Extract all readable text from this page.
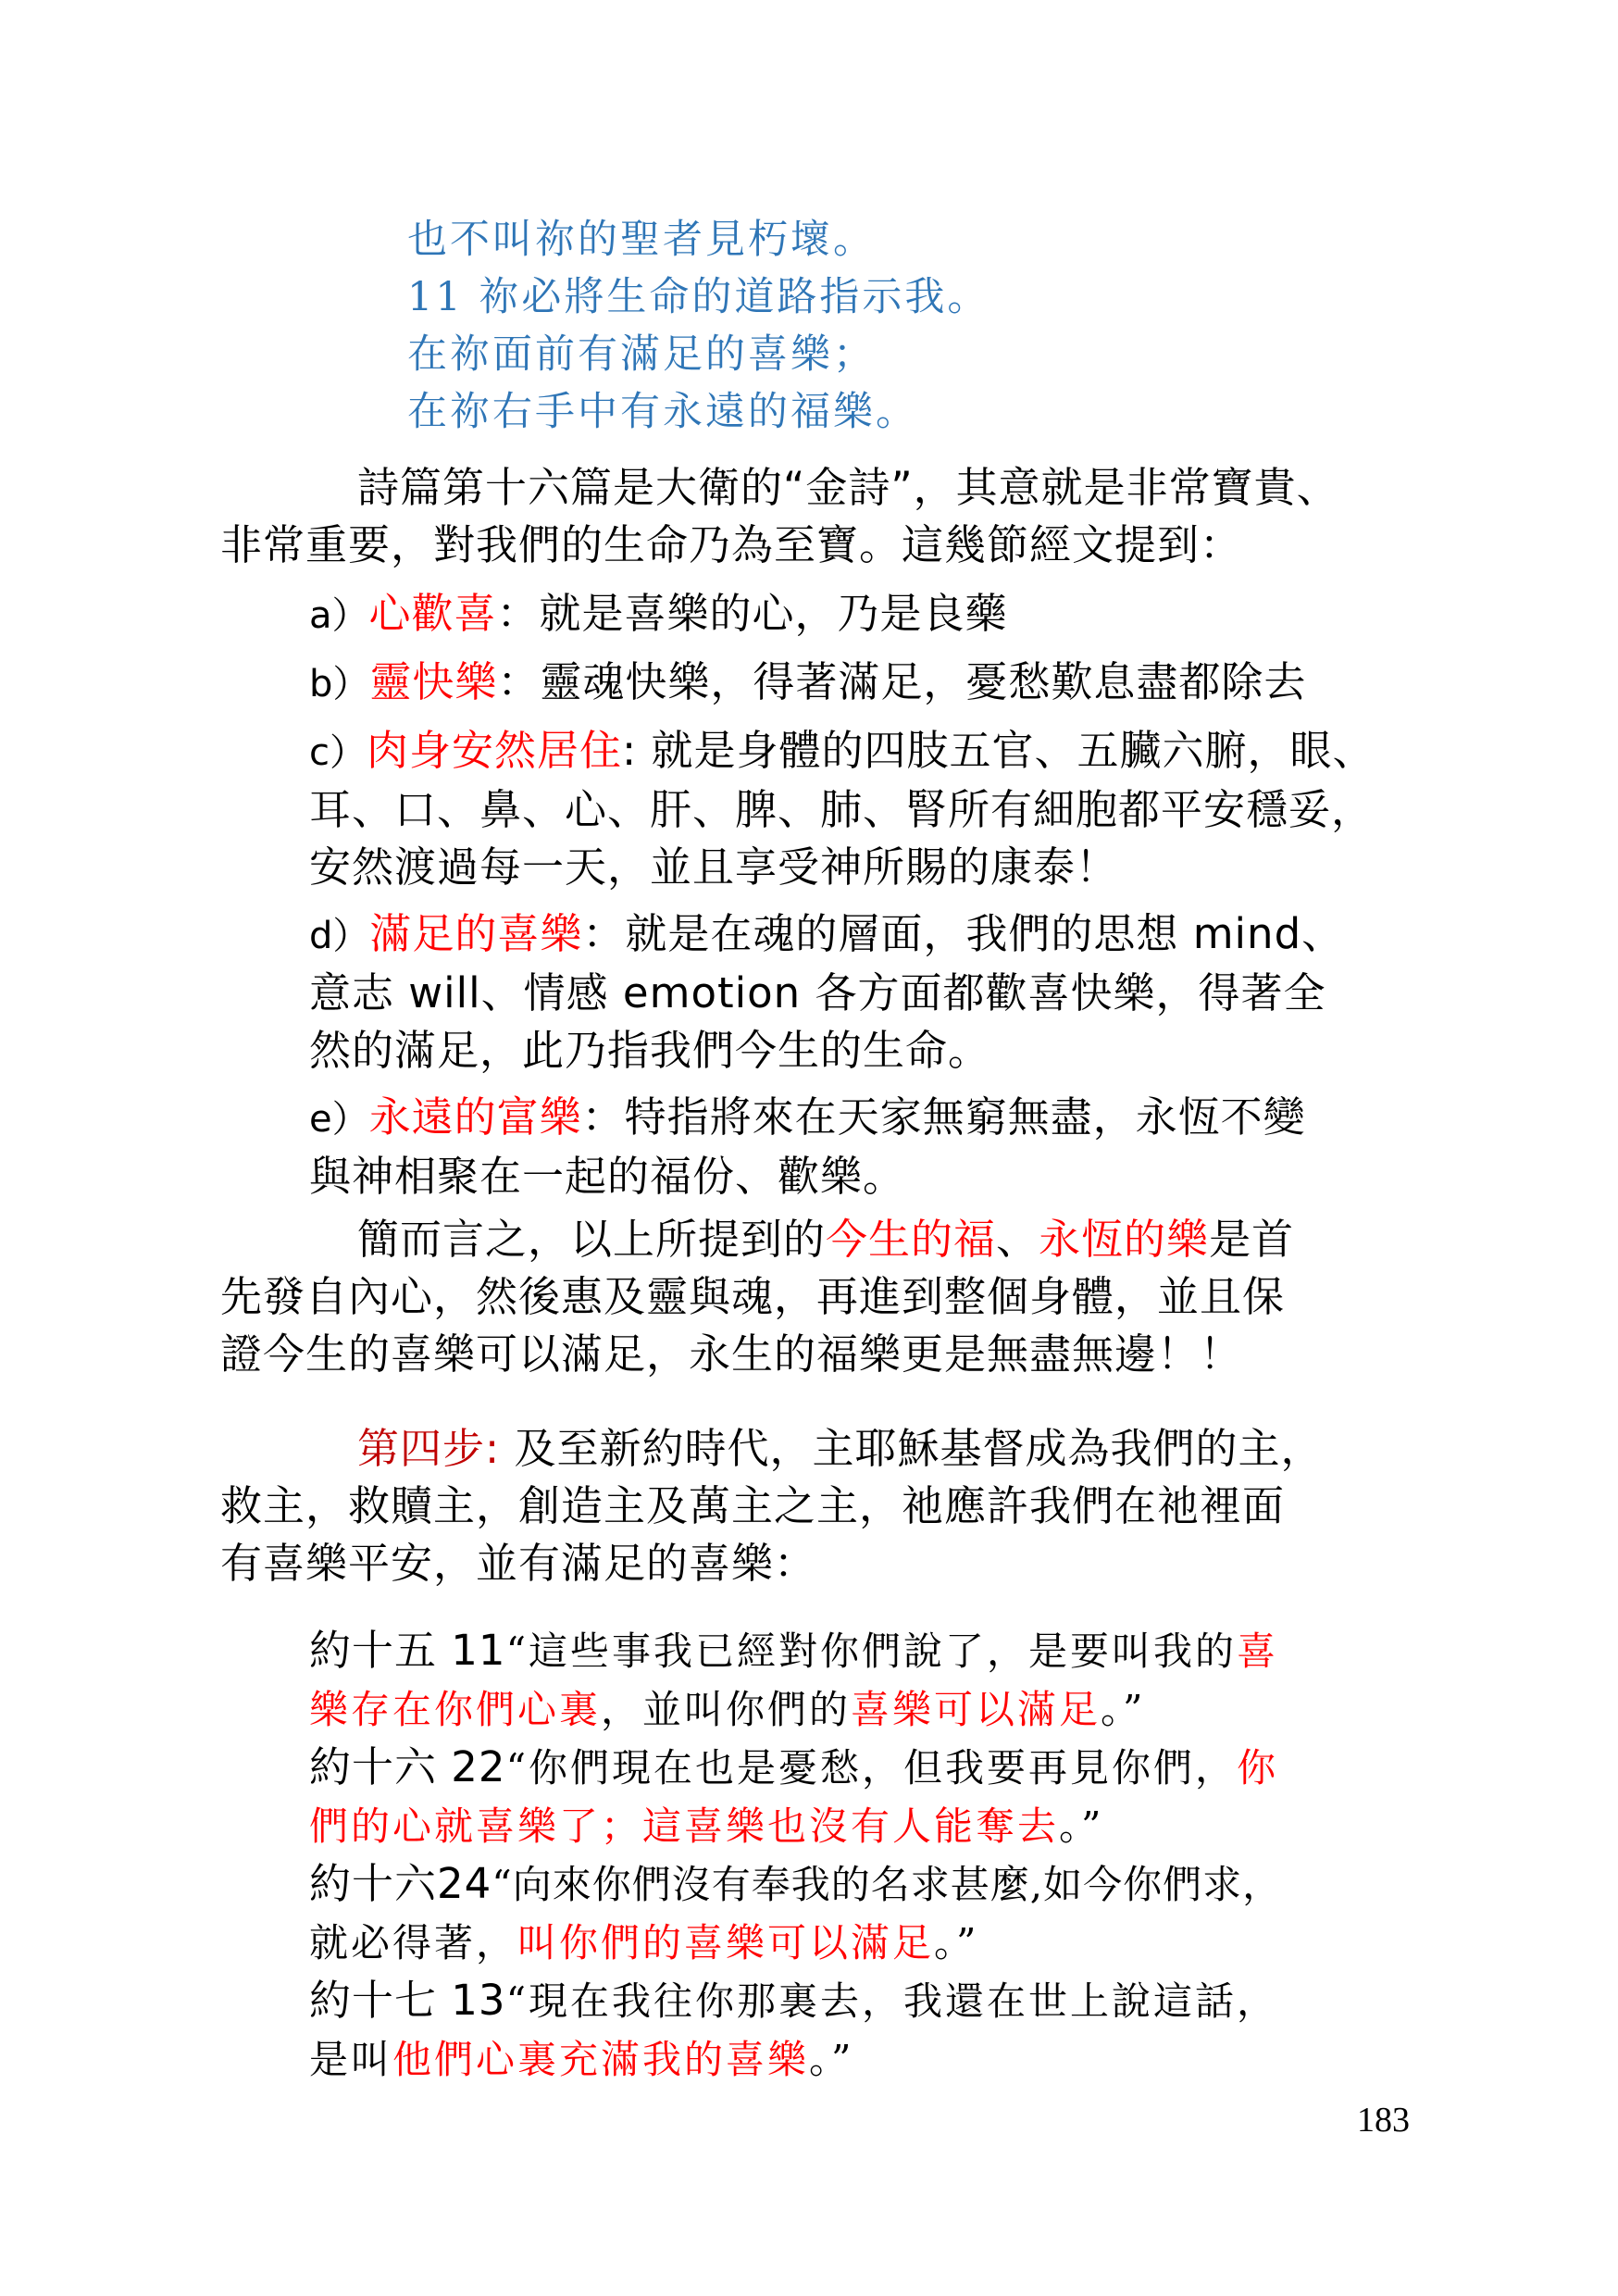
也不叫祢的聖者見朽壞。
11 祢必將生命的道路指示我。
在祢面前有滿足的喜樂；
在祢右手中有永遠的福樂。
詩篇第十六篇是大衛的“金詩”，其意就是非常寶貴、
非常重要，對我們的生命乃為至寶。這幾節經文提到：
a）心歡喜：就是喜樂的心，乃是良藥
b）靈快樂：靈魂快樂，得著滿足，憂愁歎息盡都除去
c）肉身安然居住: 就是身體的四肢五官、五臟六腑，眼、
耳、口、鼻、心、肝、脾、肺、腎所有細胞都平安穩妥，
安然渡過每一天，並且享受神所賜的康泰！
d）滿足的喜樂：就是在魂的層面，我們的思想 mind、
意志 will、情感 emotion 各方面都歡喜快樂，得著全
然的滿足，此乃指我們今生的生命。
e）永遠的富樂：特指將來在天家無窮無盡，永恆不變
與神相聚在一起的福份、歡樂。
簡而言之，以上所提到的今生的福、永恆的樂是首
先發自內心，然後惠及靈與魂，再進到整個身體，並且保
證今生的喜樂可以滿足，永生的福樂更是無盡無邊！！
第四步: 及至新約時代，主耶穌基督成為我們的主，
救主，救贖主，創造主及萬主之主，祂應許我們在祂裡面
有喜樂平安，並有滿足的喜樂：
約十五 11“這些事我已經對你們說了，是要叫我的喜
樂存在你們心裏，並叫你們的喜樂可以滿足。”
約十六 22“你們現在也是憂愁，但我要再見你們，你
們的心就喜樂了；這喜樂也沒有人能奪去。”
約十六24“向來你們沒有奉我的名求甚麼,如今你們求，
就必得著，叫你們的喜樂可以滿足。”
約十七 13“現在我往你那裏去，我還在世上說這話，
是叫他們心裏充滿我的喜樂。”
183
